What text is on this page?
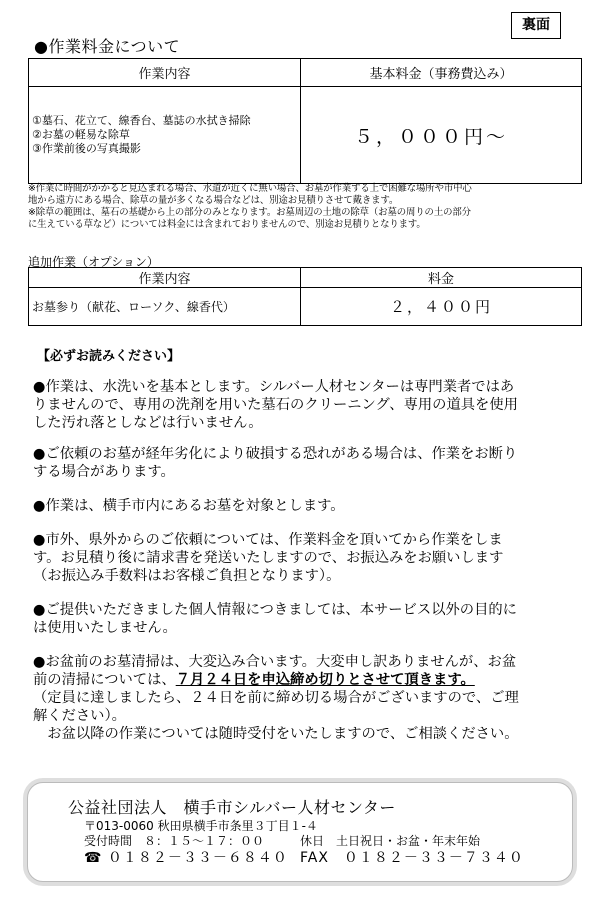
裏面
●作業料金について
作業内容	基本料金（事務費込み）

①墓石、花立て、線香台、墓誌の水拭き掃除
②お墓の軽易な除草
③作業前後の写真撮影	５，０００円～
※作業に時間がかかると見込まれる場合、水道が近くに無い場合、お墓が作業する上で困難な場所や市中心
地から遠方にある場合、除草の量が多くなる場合などは、別途お見積りさせて戴きます。
※除草の範囲は、墓石の基礎から上の部分のみとなります。お墓周辺の土地の除草（お墓の周りの土の部分
に生えている草など）については料金には含まれておりませんので、別途お見積りとなります。
追加作業（オプション）
作業内容	料金
お墓参り（献花、ローソク、線香代）	２，４００円
【必ずお読みください】
●作業は、水洗いを基本とします。シルバー人材センターは専門業者ではあ
りませんので、専用の洗剤を用いた墓石のクリーニング、専用の道具を使用
した汚れ落としなどは行いません。
●ご依頼のお墓が経年劣化により破損する恐れがある場合は、作業をお断り
する場合があります。
●作業は、横手市内にあるお墓を対象とします。
●市外、県外からのご依頼については、作業料金を頂いてから作業をしま
す。お見積り後に請求書を発送いたしますので、お振込みをお願いします
（お振込み手数料はお客様ご負担となります）。
●ご提供いただきました個人情報につきましては、本サービス以外の目的に
は使用いたしません。
●お盆前のお墓清掃は、大変込み合います。大変申し訳ありませんが、お盆
前の清掃については、７月２４日を申込締め切りとさせて頂きます。
（定員に達しましたら、２４日を前に締め切る場合がございますので、ご理
解ください）。
　お盆以降の作業については随時受付をいたしますので、ご相談ください。
公益社団法人　横手市シルバー人材センター
〒013-0060 秋田県横手市条里３丁目１-４
受付時間　８：１５～１７：００	休日　土日祝日・お盆・年末年始
☎ ０１８２－３３－６８４０ FAX　０１８２－３３－７３４０
